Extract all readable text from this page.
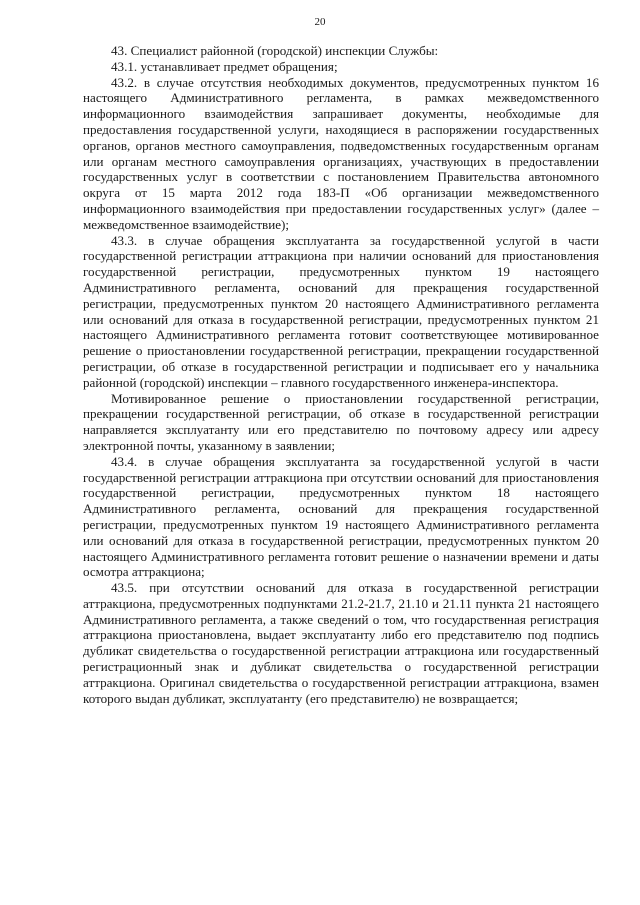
20

43. Специалист районной (городской) инспекции Службы:

43.1. устанавливает предмет обращения;

43.2. в случае отсутствия необходимых документов, предусмотренных пунктом 16 настоящего Административного регламента, в рамках межведомственного информационного взаимодействия запрашивает документы, необходимые для предоставления государственной услуги, находящиеся в распоряжении государственных органов, органов местного самоуправления, подведомственных государственным органам или органам местного самоуправления организациях, участвующих в предоставлении государственных услуг в соответствии с постановлением Правительства автономного округа от 15 марта 2012 года 183-П «Об организации межведомственного информационного взаимодействия при предоставлении государственных услуг» (далее – межведомственное взаимодействие);

43.3. в случае обращения эксплуатанта за государственной услугой в части государственной регистрации аттракциона при наличии оснований для приостановления государственной регистрации, предусмотренных пунктом 19 настоящего Административного регламента, оснований для прекращения государственной регистрации, предусмотренных пунктом 20 настоящего Административного регламента или оснований для отказа в государственной регистрации, предусмотренных пунктом 21 настоящего Административного регламента готовит соответствующее мотивированное решение о приостановлении государственной регистрации, прекращении государственной регистрации, об отказе в государственной регистрации и подписывает его у начальника районной (городской) инспекции – главного государственного инженера-инспектора.

Мотивированное решение о приостановлении государственной регистрации, прекращении государственной регистрации, об отказе в государственной регистрации направляется эксплуатанту или его представителю по почтовому адресу или адресу электронной почты, указанному в заявлении;

43.4. в случае обращения эксплуатанта за государственной услугой в части государственной регистрации аттракциона при отсутствии оснований для приостановления государственной регистрации, предусмотренных пунктом 18 настоящего Административного регламента, оснований для прекращения государственной регистрации, предусмотренных пунктом 19 настоящего Административного регламента или оснований для отказа в государственной регистрации, предусмотренных пунктом 20 настоящего Административного регламента готовит решение о назначении времени и даты осмотра аттракциона;

43.5. при отсутствии оснований для отказа в государственной регистрации аттракциона, предусмотренных подпунктами 21.2-21.7, 21.10 и 21.11 пункта 21 настоящего Административного регламента, а также сведений о том, что государственная регистрация аттракциона приостановлена, выдает эксплуатанту либо его представителю под подпись дубликат свидетельства о государственной регистрации аттракциона или государственный регистрационный знак и дубликат свидетельства о государственной регистрации аттракциона. Оригинал свидетельства о государственной регистрации аттракциона, взамен которого выдан дубликат, эксплуатанту (его представителю) не возвращается;
